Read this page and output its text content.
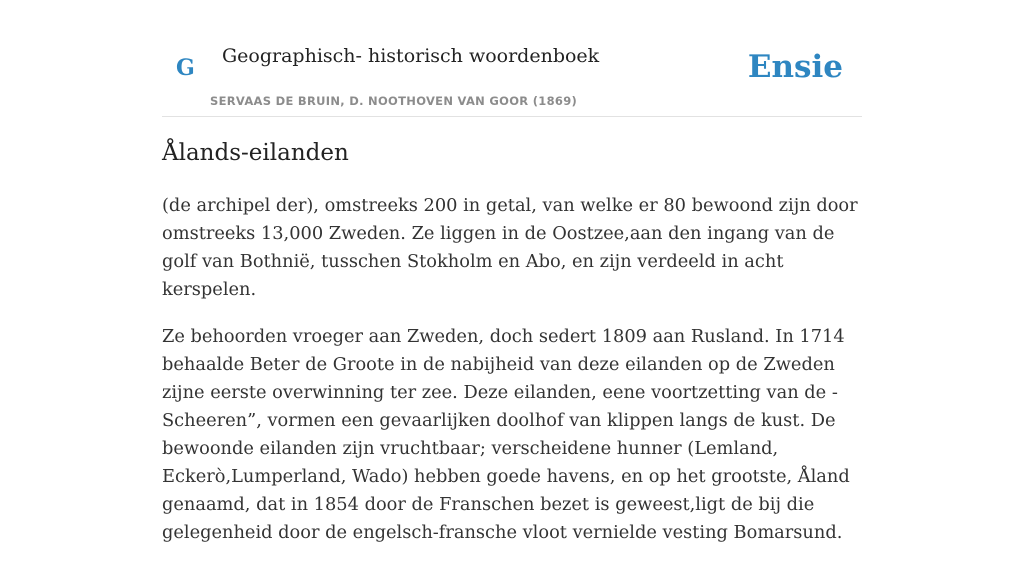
G Geographisch- historisch woordenboek
SERVAAS DE BRUIN, D. NOOTHOVEN VAN GOOR (1869)
Ensie
Ålands-eilanden

(de archipel der), omstreeks 200 in getal, van welke er 80 bewoond zijn door omstreeks 13,000 Zweden. Ze liggen in de Oostzee,aan den ingang van de golf van Bothnië, tusschen Stokholm en Abo, en zijn verdeeld in acht kerspelen.

Ze behoorden vroeger aan Zweden, doch sedert 1809 aan Rusland. In 1714 behaalde Beter de Groote in de nabijheid van deze eilanden op de Zweden zijne eerste overwinning ter zee. Deze eilanden, eene voortzetting van de -Scheeren”, vormen een gevaarlijken doolhof van klippen langs de kust. De bewoonde eilanden zijn vruchtbaar; verscheidene hunner (Lemland, Eckerò,Lumperland, Wado) hebben goede havens, en op het grootste, Åland genaamd, dat in 1854 door de Franschen bezet is geweest,ligt de bij die gelegenheid door de engelsch-fransche vloot vernielde vesting Bomarsund.
